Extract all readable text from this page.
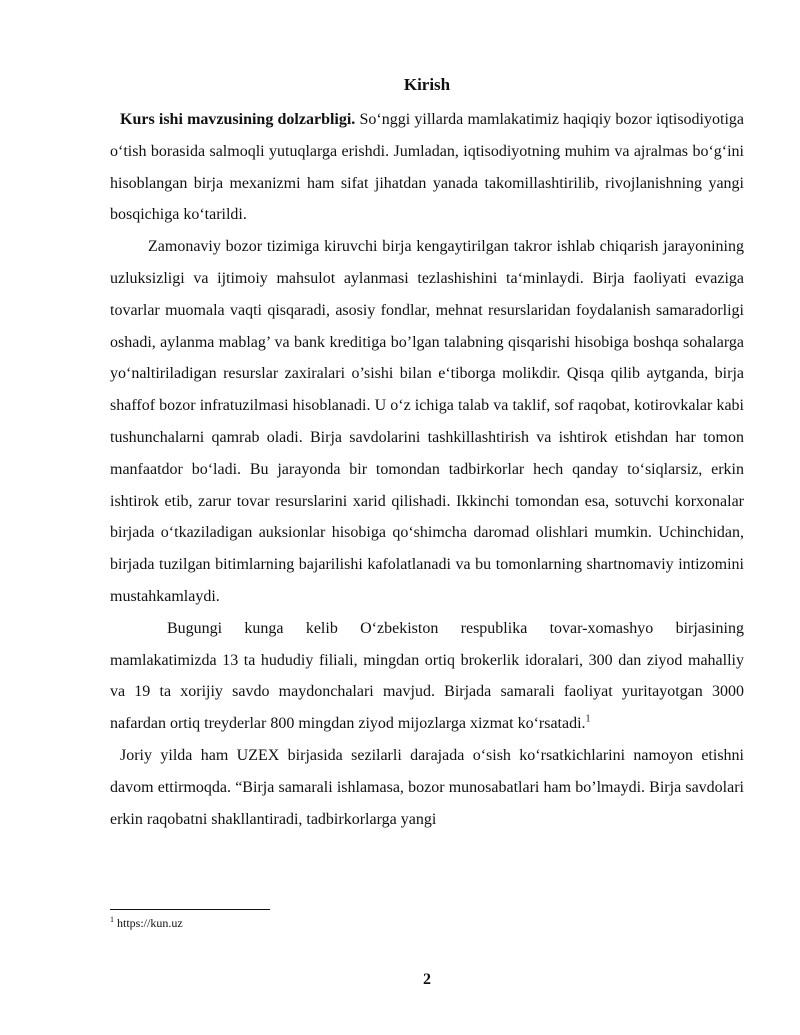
Kirish

Kurs ishi mavzusining dolzarbligi. So‘nggi yillarda mamlakatimiz haqiqiy bozor iqtisodiyotiga o‘tish borasida salmoqli yutuqlarga erishdi. Jumladan, iqtisodiyotning muhim va ajralmas bo‘g‘ini hisoblangan birja mexanizmi ham sifat jihatdan yanada takomillashtirilib, rivojlanishning yangi bosqichiga ko‘tarildi.

Zamonaviy bozor tizimiga kiruvchi birja kengaytirilgan takror ishlab chiqarish jarayonining uzluksizligi va ijtimoiy mahsulot aylanmasi tezlashishini ta‘minlaydi. Birja faoliyati evaziga tovarlar muomala vaqti qisqaradi, asosiy fondlar, mehnat resurslaridan foydalanish samaradorligi oshadi, aylanma mablag’ va bank kreditiga bo’lgan talabning qisqarishi hisobiga boshqa sohalarga yo‘naltiriladigan resurslar zaxiralari o’sishi bilan e‘tiborga molikdir. Qisqa qilib aytganda, birja shaffof bozor infratuzilmasi hisoblanadi. U o‘z ichiga talab va taklif, sof raqobat, kotirovkalar kabi tushunchalarni qamrab oladi. Birja savdolarini tashkillashtirish va ishtirok etishdan har tomon manfaatdor bo‘ladi. Bu jarayonda bir tomondan tadbirkorlar hech qanday to‘siqlarsiz, erkin ishtirok etib, zarur tovar resurslarini xarid qilishadi. Ikkinchi tomondan esa, sotuvchi korxonalar birjada o‘tkaziladigan auksionlar hisobiga qo‘shimcha daromad olishlari mumkin. Uchinchidan, birjada tuzilgan bitimlarning bajarilishi kafolatlanadi va bu tomonlarning shartnomaviy intizomini mustahkamlaydi.

Bugungi kunga kelib O‘zbekiston respublika tovar-xomashyo birjasining mamlakatimizda 13 ta hududiy filiali, mingdan ortiq brokerlik idoralari, 300 dan ziyod mahalliy va 19 ta xorijiy savdo maydonchalari mavjud. Birjada samarali faoliyat yuritayotgan 3000 nafardan ortiq treyderlar 800 mingdan ziyod mijozlarga xizmat ko‘rsatadi.$^1$

Joriy yilda ham UZEX birjasida sezilarli darajada o‘sish ko‘rsatkichlarini namoyon etishni davom ettirmoqda. “Birja samarali ishlamasa, bozor munosabatlari ham bo’lmaydi. Birja savdolari erkin raqobatni shakllantiradi, tadbirkorlarga yangi

$^1$ https://kun.uz
2
